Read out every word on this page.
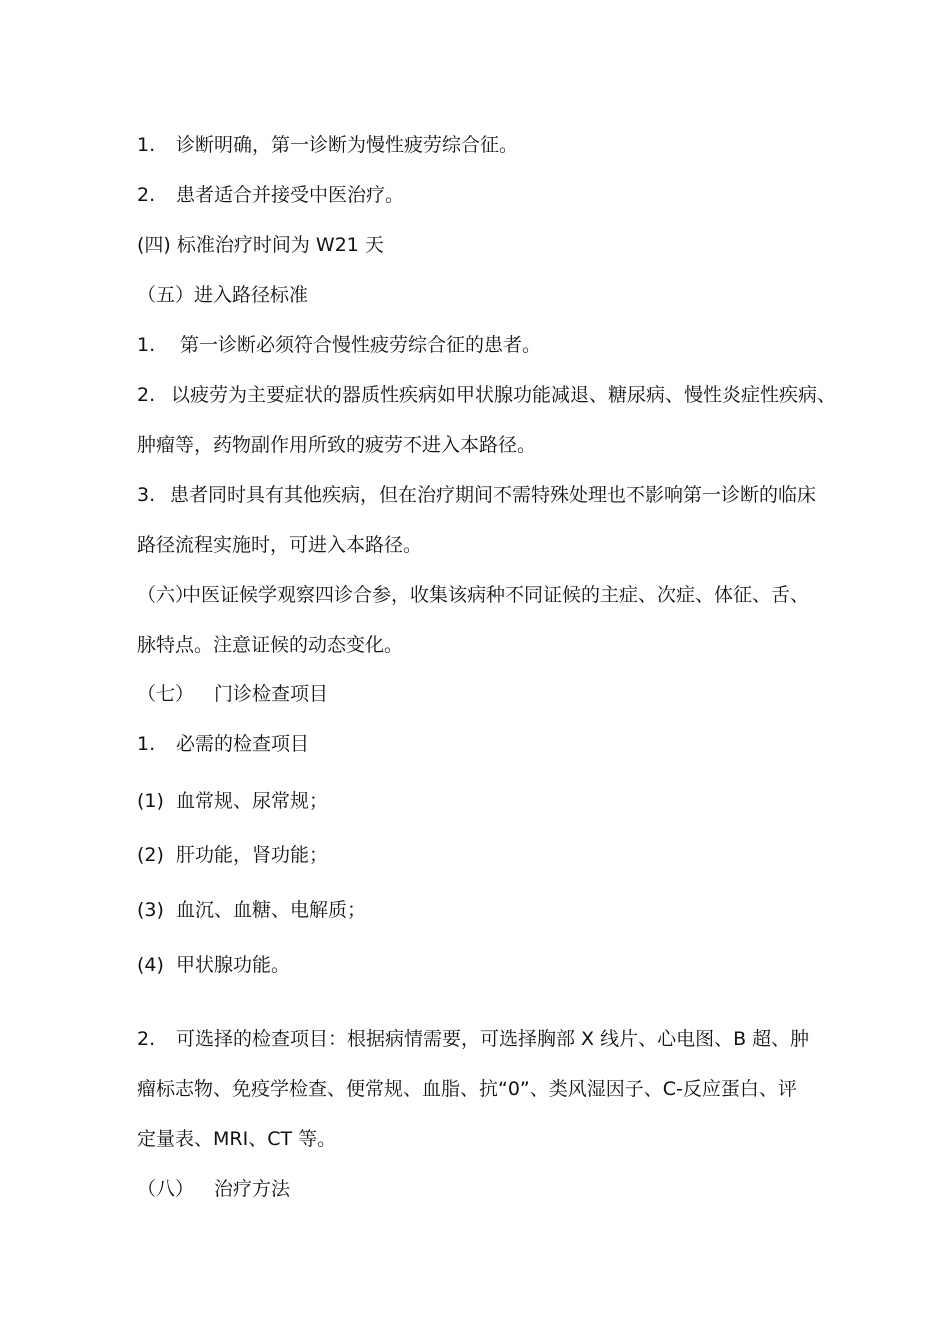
1. 诊断明确，第一诊断为慢性疲劳综合征。
2. 患者适合并接受中医治疗。
(四) 标准治疗时间为 W21 天
（五）进入路径标准
1. 第一诊断必须符合慢性疲劳综合征的患者。
2. 以疲劳为主要症状的器质性疾病如甲状腺功能减退、糖尿病、慢性炎症性疾病、
肿瘤等，药物副作用所致的疲劳不进入本路径。
3. 患者同时具有其他疾病，但在治疗期间不需特殊处理也不影响第一诊断的临床
路径流程实施时，可进入本路径。
（六）中医证候学观察四诊合参，收集该病种不同证候的主症、次症、体征、舌、
脉特点。注意证候的动态变化。
（七） 门诊检查项目
1. 必需的检查项目
(1) 血常规、尿常规；
(2) 肝功能，肾功能；
(3) 血沉、血糖、电解质；
(4) 甲状腺功能。
2. 可选择的检查项目：根据病情需要，可选择胸部 X 线片、心电图、B 超、肿
瘤标志物、免疫学检查、便常规、血脂、抗“0”、类风湿因子、C-反应蛋白、评
定量表、MRI、CT 等。
（八） 治疗方法
